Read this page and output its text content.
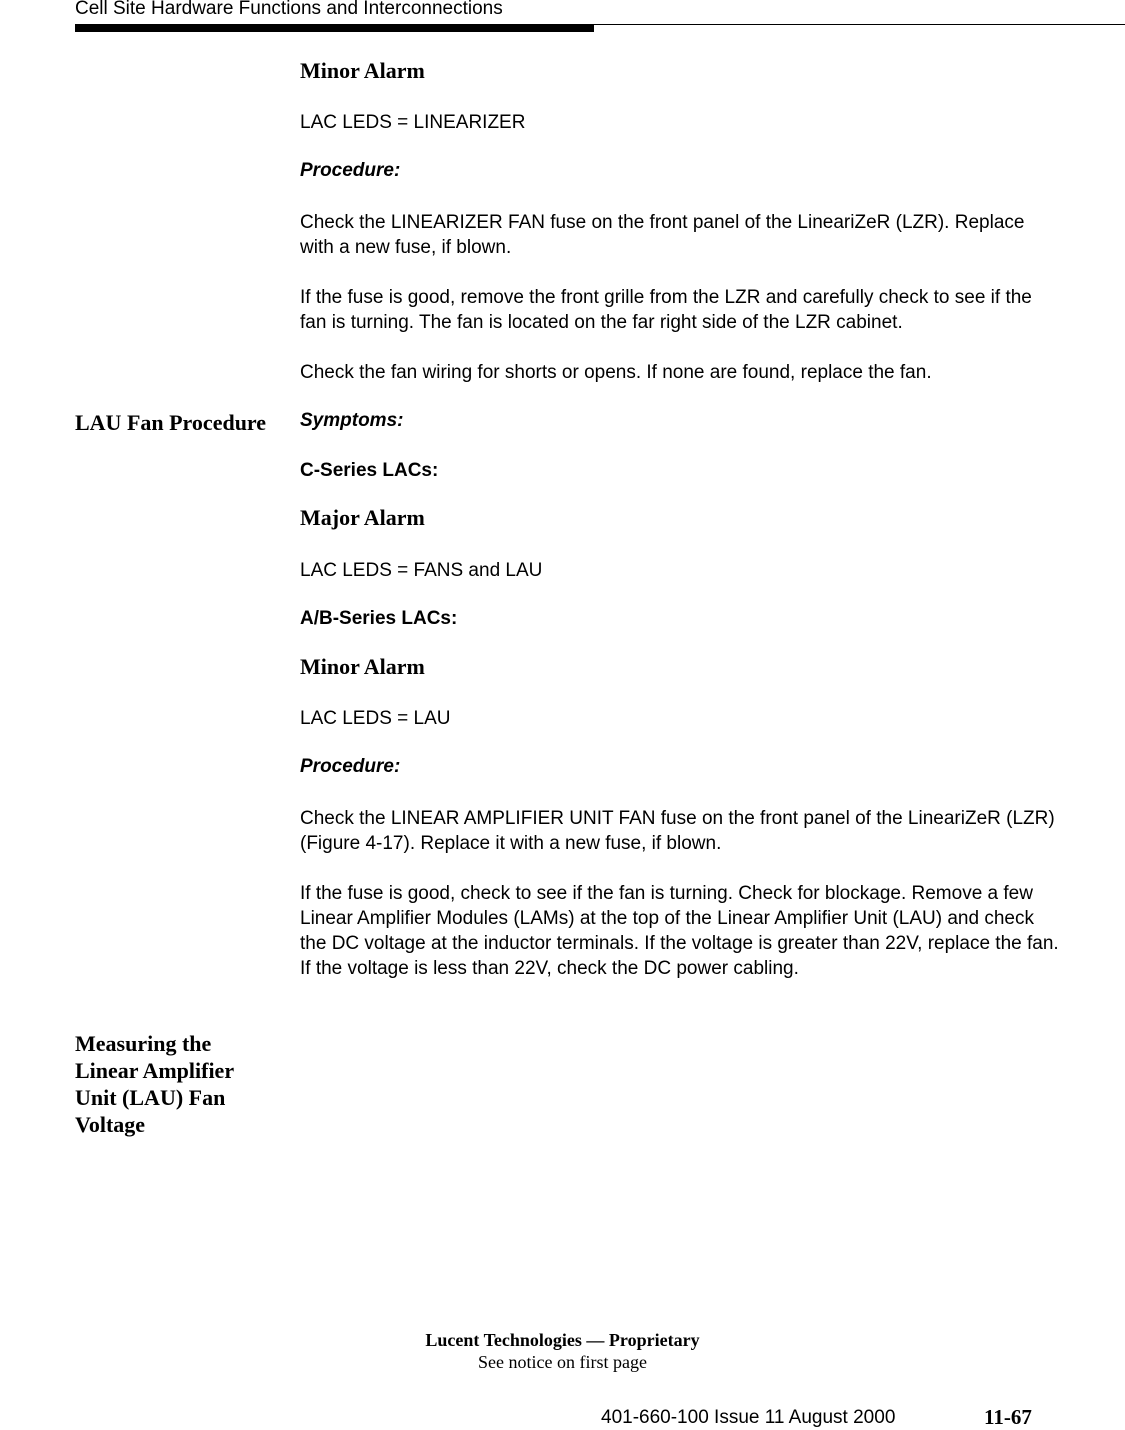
Cell Site Hardware Functions and Interconnections
LAU Fan Procedure
Measuring the Linear Amplifier Unit (LAU) Fan Voltage
Minor Alarm
LAC LEDS = LINEARIZER
Procedure:
Check the LINEARIZER FAN fuse on the front panel of the LineariZeR (LZR). Replace with a new fuse, if blown.
If the fuse is good, remove the front grille from the LZR and carefully check to see if the fan is turning. The fan is located on the far right side of the LZR cabinet.
Check the fan wiring for shorts or opens. If none are found, replace the fan.
Symptoms:
C-Series LACs:
Major Alarm
LAC LEDS = FANS and LAU
A/B-Series LACs:
Minor Alarm
LAC LEDS = LAU
Procedure:
Check the LINEAR AMPLIFIER UNIT FAN fuse on the front panel of the LineariZeR (LZR) (Figure 4-17). Replace it with a new fuse, if blown.
If the fuse is good, check to see if the fan is turning. Check for blockage. Remove a few Linear Amplifier Modules (LAMs) at the top of the Linear Amplifier Unit (LAU) and check the DC voltage at the inductor terminals. If the voltage is greater than 22V, replace the fan. If the voltage is less than 22V, check the DC power cabling.
Lucent Technologies — Proprietary
See notice on first page
401-660-100 Issue 11 August 2000	11-67
